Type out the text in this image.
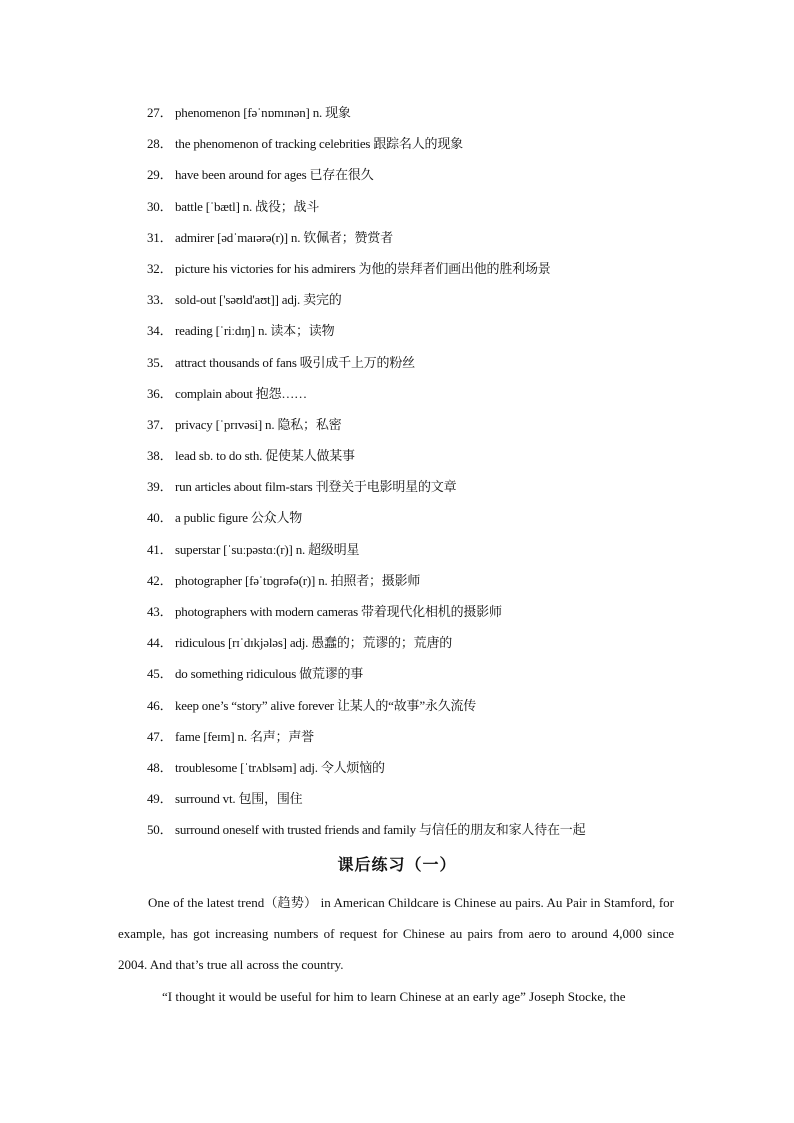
27． phenomenon [fəˈnɒmɪnən] n. 现象
28． the phenomenon of tracking celebrities 跟踪名人的现象
29． have been around for ages 已存在很久
30． battle [ˈbætl] n. 战役；战斗
31． admirer [ədˈmaɪərə(r)] n. 钦佩者；赞赏者
32． picture his victories for his admirers 为他的崇拜者们画出他的胜利场景
33． sold-out ['səʊld'aʊt]] adj. 卖完的
34． reading [ˈriːdɪŋ] n. 读本；读物
35． attract thousands of fans 吸引成千上万的粉丝
36． complain about 抱怨……
37． privacy [ˈprɪvəsi] n. 隐私；私密
38． lead sb. to do sth. 促使某人做某事
39． run articles about film-stars 刊登关于电影明星的文章
40． a public figure 公众人物
41． superstar [ˈsuːpəstɑː(r)] n. 超级明星
42． photographer [fəˈtɒɡrəfə(r)] n. 拍照者；摄影师
43． photographers with modern cameras 带着现代化相机的摄影师
44． ridiculous [rɪˈdɪkjələs] adj. 愚蠢的；荒谬的；荒唐的
45． do something ridiculous 做荒谬的事
46． keep one’s “story” alive forever 让某人的“故事”永久流传
47． fame [feɪm] n. 名声；声誉
48． troublesome [ˈtrʌblsəm] adj. 令人烦恼的
49． surround vt. 包围，围住
50． surround oneself with trusted friends and family 与信任的朋友和家人待在一起
课后练习（一）

One of the latest trend（趋势） in American Childcare is Chinese au pairs. Au Pair in Stamford, for example, has got increasing numbers of request for Chinese au pairs from aero to around 4,000 since 2004. And that’s true all across the country.

“I thought it would be useful for him to learn Chinese at an early age” Joseph Stocke, the
